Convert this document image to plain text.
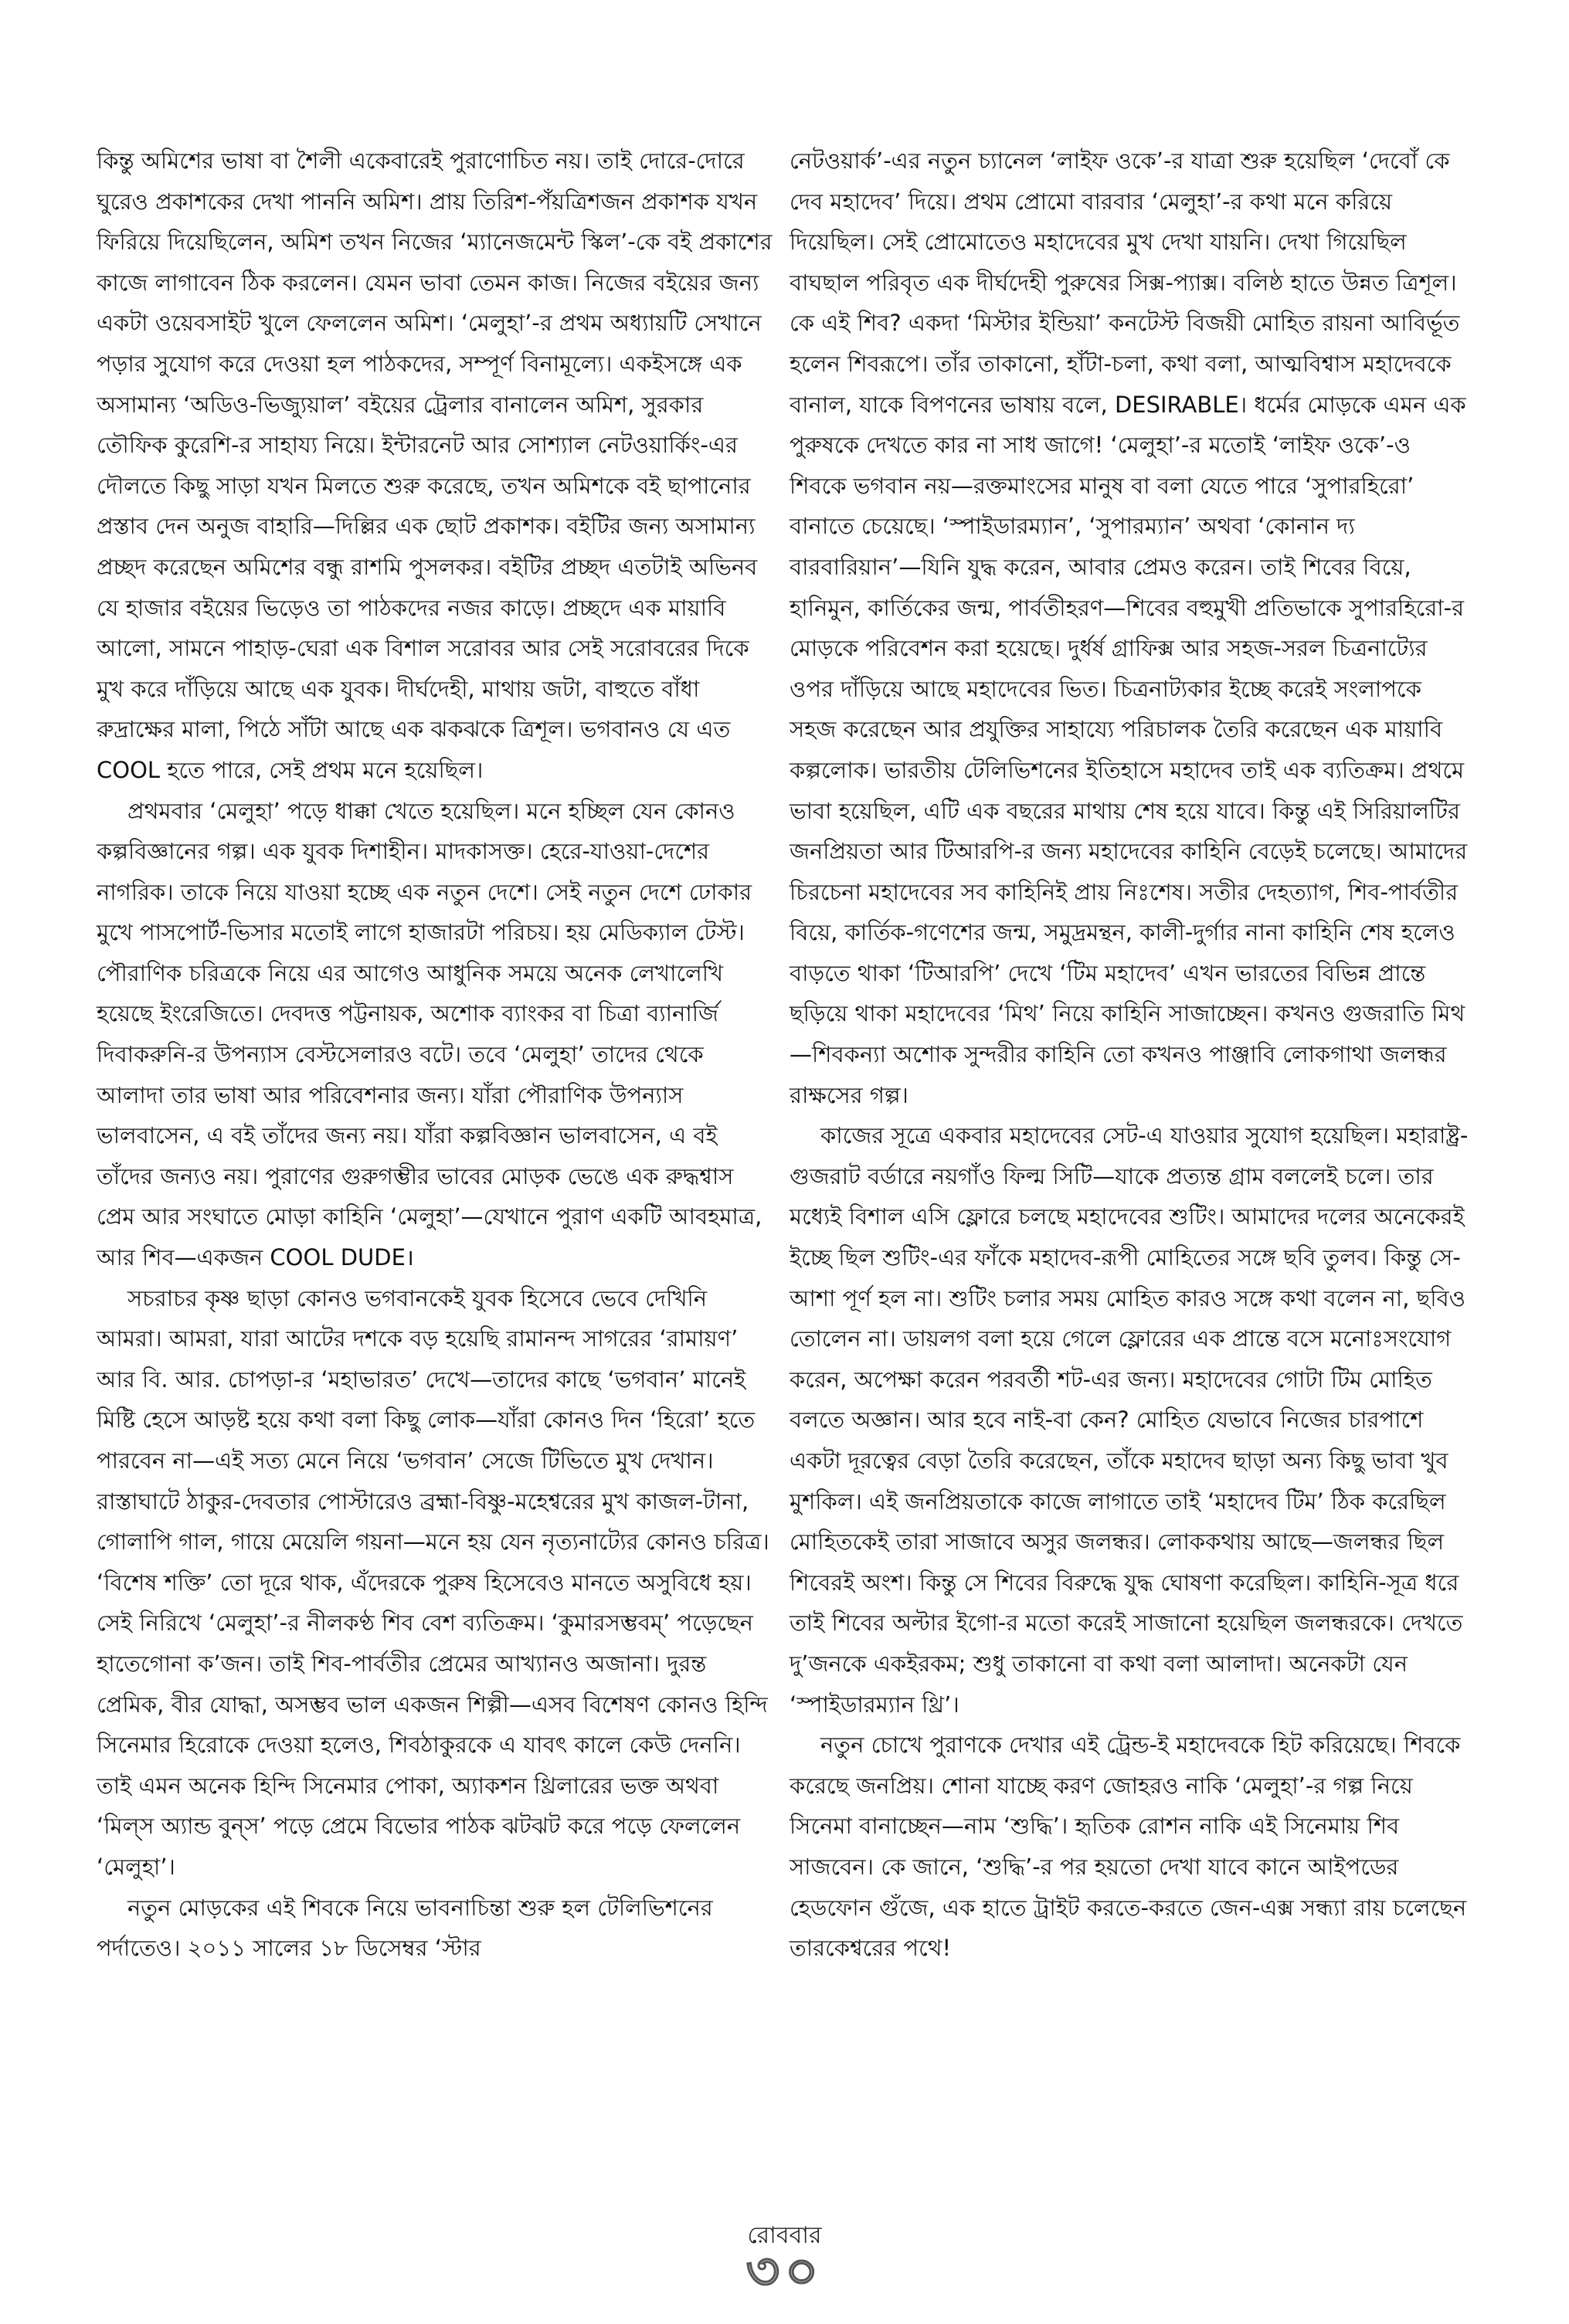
কিন্তু অমিশের ভাষা বা শৈলী একেবারেই পুরাণোচিত নয়। তাই দোরে-দোরে ঘুরেও প্রকাশকের দেখা পাননি অমিশ। প্রায় তিরিশ-পঁয়ত্রিশজন প্রকাশক যখন ফিরিয়ে দিয়েছিলেন, অমিশ তখন নিজের ‘ম্যানেজমেন্ট স্কিল’-কে বই প্রকাশের কাজে লাগাবেন ঠিক করলেন। যেমন ভাবা তেমন কাজ। নিজের বইয়ের জন্য একটা ওয়েবসাইট খুলে ফেললেন অমিশ। ‘মেলুহা’-র প্রথম অধ্যায়টি সেখানে পড়ার সুযোগ করে দেওয়া হল পাঠকদের, সম্পূর্ণ বিনামূল্যে। একইসঙ্গে এক অসামান্য ‘অডিও-ভিজ্যুয়াল’ বইয়ের ট্রেলার বানালেন অমিশ, সুরকার তৌফিক কুরেশি-র সাহায্য নিয়ে। ইন্টারনেট আর সোশ্যাল নেটওয়ার্কিং-এর দৌলতে কিছু সাড়া যখন মিলতে শুরু করেছে, তখন অমিশকে বই ছাপানোর প্রস্তাব দেন অনুজ বাহারি—দিল্লির এক ছোট প্রকাশক। বইটির জন্য অসামান্য প্রচ্ছদ করেছেন অমিশের বন্ধু রাশমি পুসলকর। বইটির প্রচ্ছদ এতটাই অভিনব যে হাজার বইয়ের ভিড়েও তা পাঠকদের নজর কাড়ে। প্রচ্ছদে এক মায়াবি আলো, সামনে পাহাড়-ঘেরা এক বিশাল সরোবর আর সেই সরোবরের দিকে মুখ করে দাঁড়িয়ে আছে এক যুবক। দীর্ঘদেহী, মাথায় জটা, বাহুতে বাঁধা রুদ্রাক্ষের মালা, পিঠে সাঁটা আছে এক ঝকঝকে ত্রিশূল। ভগবানও যে এত COOL হতে পারে, সেই প্রথম মনে হয়েছিল।

প্রথমবার ‘মেলুহা’ পড়ে ধাক্কা খেতে হয়েছিল। মনে হচ্ছিল যেন কোনও কল্পবিজ্ঞানের গল্প। এক যুবক দিশাহীন। মাদকাসক্ত। হেরে-যাওয়া-দেশের নাগরিক। তাকে নিয়ে যাওয়া হচ্ছে এক নতুন দেশে। সেই নতুন দেশে ঢোকার মুখে পাসপোর্ট-ভিসার মতোই লাগে হাজারটা পরিচয়। হয় মেডিক্যাল টেস্ট। পৌরাণিক চরিত্রকে নিয়ে এর আগেও আধুনিক সময়ে অনেক লেখালেখি হয়েছে ইংরেজিতে। দেবদত্ত পট্টনায়ক, অশোক ব্যাংকর বা চিত্রা ব্যানার্জি দিবাকরুনি-র উপন্যাস বেস্টসেলারও বটে। তবে ‘মেলুহা’ তাদের থেকে আলাদা তার ভাষা আর পরিবেশনার জন্য। যাঁরা পৌরাণিক উপন্যাস ভালবাসেন, এ বই তাঁদের জন্য নয়। যাঁরা কল্পবিজ্ঞান ভালবাসেন, এ বই তাঁদের জন্যও নয়। পুরাণের গুরুগম্ভীর ভাবের মোড়ক ভেঙে এক রুদ্ধশ্বাস প্রেম আর সংঘাতে মোড়া কাহিনি ‘মেলুহা’—যেখানে পুরাণ একটি আবহমাত্র, আর শিব—একজন COOL DUDE।

সচরাচর কৃষ্ণ ছাড়া কোনও ভগবানকেই যুবক হিসেবে ভেবে দেখিনি আমরা। আমরা, যারা আটের দশকে বড় হয়েছি রামানন্দ সাগরের ‘রামায়ণ’ আর বি. আর. চোপড়া-র ‘মহাভারত’ দেখে—তাদের কাছে ‘ভগবান’ মানেই মিষ্টি হেসে আড়ষ্ট হয়ে কথা বলা কিছু লোক—যাঁরা কোনও দিন ‘হিরো’ হতে পারবেন না—এই সত্য মেনে নিয়ে ‘ভগবান’ সেজে টিভিতে মুখ দেখান। রাস্তাঘাটে ঠাকুর-দেবতার পোস্টারেও ব্রহ্মা-বিষ্ণু-মহেশ্বরের মুখ কাজল-টানা, গোলাপি গাল, গায়ে মেয়েলি গয়না—মনে হয় যেন নৃত্যনাট্যের কোনও চরিত্র। ‘বিশেষ শক্তি’ তো দূরে থাক, এঁদেরকে পুরুষ হিসেবেও মানতে অসুবিধে হয়। সেই নিরিখে ‘মেলুহা’-র নীলকণ্ঠ শিব বেশ ব্যতিক্রম। ‘কুমারসম্ভবম্’ পড়েছেন হাতেগোনা ক’জন। তাই শিব-পার্বতীর প্রেমের আখ্যানও অজানা। দুরন্ত প্রেমিক, বীর যোদ্ধা, অসম্ভব ভাল একজন শিল্পী—এসব বিশেষণ কোনও হিন্দি সিনেমার হিরোকে দেওয়া হলেও, শিবঠাকুরকে এ যাবৎ কালে কেউ দেননি। তাই এমন অনেক হিন্দি সিনেমার পোকা, অ্যাকশন থ্রিলারের ভক্ত অথবা ‘মিল্‌স অ্যান্ড বুন্‌স’ পড়ে প্রেমে বিভোর পাঠক ঝটঝট করে পড়ে ফেললেন ‘মেলুহা’।

নতুন মোড়কের এই শিবকে নিয়ে ভাবনাচিন্তা শুরু হল টেলিভিশনের পর্দাতেও। ২০১১ সালের ১৮ ডিসেম্বর ‘স্টার

নেটওয়ার্ক’-এর নতুন চ্যানেল ‘লাইফ ওকে’-র যাত্রা শুরু হয়েছিল ‘দেবোঁ কে দেব মহাদেব’ দিয়ে। প্রথম প্রোমো বারবার ‘মেলুহা’-র কথা মনে করিয়ে দিয়েছিল। সেই প্রোমোতেও মহাদেবের মুখ দেখা যায়নি। দেখা গিয়েছিল বাঘছাল পরিবৃত এক দীর্ঘদেহী পুরুষের সিক্স-প্যাক্স। বলিষ্ঠ হাতে উন্নত ত্রিশূল। কে এই শিব? একদা ‘মিস্টার ইন্ডিয়া’ কনটেস্ট বিজয়ী মোহিত রায়না আবির্ভূত হলেন শিবরূপে। তাঁর তাকানো, হাঁটা-চলা, কথা বলা, আত্মবিশ্বাস মহাদেবকে বানাল, যাকে বিপণনের ভাষায় বলে, DESIRABLE। ধর্মের মোড়কে এমন এক পুরুষকে দেখতে কার না সাধ জাগে! ‘মেলুহা’-র মতোই ‘লাইফ ওকে’-ও শিবকে ভগবান নয়—রক্তমাংসের মানুষ বা বলা যেতে পারে ‘সুপারহিরো’ বানাতে চেয়েছে। ‘স্পাইডারম্যান’, ‘সুপারম্যান’ অথবা ‘কোনান দ্য বারবারিয়ান’—যিনি যুদ্ধ করেন, আবার প্রেমও করেন। তাই শিবের বিয়ে, হানিমুন, কার্তিকের জন্ম, পার্বতীহরণ—শিবের বহুমুখী প্রতিভাকে সুপারহিরো-র মোড়কে পরিবেশন করা হয়েছে। দুর্ধর্ষ গ্রাফিক্স আর সহজ-সরল চিত্রনাট্যের ওপর দাঁড়িয়ে আছে মহাদেবের ভিত। চিত্রনাট্যকার ইচ্ছে করেই সংলাপকে সহজ করেছেন আর প্রযুক্তির সাহায্যে পরিচালক তৈরি করেছেন এক মায়াবি কল্পলোক। ভারতীয় টেলিভিশনের ইতিহাসে মহাদেব তাই এক ব্যতিক্রম। প্রথমে ভাবা হয়েছিল, এটি এক বছরের মাথায় শেষ হয়ে যাবে। কিন্তু এই সিরিয়ালটির জনপ্রিয়তা আর টিআরপি-র জন্য মহাদেবের কাহিনি বেড়েই চলেছে। আমাদের চিরচেনা মহাদেবের সব কাহিনিই প্রায় নিঃশেষ। সতীর দেহত্যাগ, শিব-পার্বতীর বিয়ে, কার্তিক-গণেশের জন্ম, সমুদ্রমন্থন, কালী-দুর্গার নানা কাহিনি শেষ হলেও বাড়তে থাকা ‘টিআরপি’ দেখে ‘টিম মহাদেব’ এখন ভারতের বিভিন্ন প্রান্তে ছড়িয়ে থাকা মহাদেবের ‘মিথ’ নিয়ে কাহিনি সাজাচ্ছেন। কখনও গুজরাতি মিথ—শিবকন্যা অশোক সুন্দরীর কাহিনি তো কখনও পাঞ্জাবি লোকগাথা জলন্ধর রাক্ষসের গল্প।

কাজের সূত্রে একবার মহাদেবের সেট-এ যাওয়ার সুযোগ হয়েছিল। মহারাষ্ট্র-গুজরাট বর্ডারে নয়গাঁও ফিল্ম সিটি—যাকে প্রত্যন্ত গ্রাম বললেই চলে। তার মধ্যেই বিশাল এসি ফ্লোরে চলছে মহাদেবের শুটিং। আমাদের দলের অনেকেরই ইচ্ছে ছিল শুটিং-এর ফাঁকে মহাদেব-রূপী মোহিতের সঙ্গে ছবি তুলব। কিন্তু সে-আশা পূর্ণ হল না। শুটিং চলার সময় মোহিত কারও সঙ্গে কথা বলেন না, ছবিও তোলেন না। ডায়লগ বলা হয়ে গেলে ফ্লোরের এক প্রান্তে বসে মনোঃসংযোগ করেন, অপেক্ষা করেন পরবর্তী শট-এর জন্য। মহাদেবের গোটা টিম মোহিত বলতে অজ্ঞান। আর হবে নাই-বা কেন? মোহিত যেভাবে নিজের চারপাশে একটা দূরত্বের বেড়া তৈরি করেছেন, তাঁকে মহাদেব ছাড়া অন্য কিছু ভাবা খুব মুশকিল। এই জনপ্রিয়তাকে কাজে লাগাতে তাই ‘মহাদেব টিম’ ঠিক করেছিল মোহিতকেই তারা সাজাবে অসুর জলন্ধর। লোককথায় আছে—জলন্ধর ছিল শিবেরই অংশ। কিন্তু সে শিবের বিরুদ্ধে যুদ্ধ ঘোষণা করেছিল। কাহিনি-সূত্র ধরে তাই শিবের অল্টার ইগো-র মতো করেই সাজানো হয়েছিল জলন্ধরকে। দেখতে দু’জনকে একইরকম; শুধু তাকানো বা কথা বলা আলাদা। অনেকটা যেন ‘স্পাইডারম্যান থ্রি’।

নতুন চোখে পুরাণকে দেখার এই ট্রেন্ড-ই মহাদেবকে হিট করিয়েছে। শিবকে করেছে জনপ্রিয়। শোনা যাচ্ছে করণ জোহরও নাকি ‘মেলুহা’-র গল্প নিয়ে সিনেমা বানাচ্ছেন—নাম ‘শুদ্ধি’। হৃতিক রোশন নাকি এই সিনেমায় শিব সাজবেন। কে জানে, ‘শুদ্ধি’-র পর হয়তো দেখা যাবে কানে আইপডের হেডফোন গুঁজে, এক হাতে ট্রাইট করতে-করতে জেন-এক্স সন্ধ্যা রায় চলেছেন তারকেশ্বরের পথে!

রোববার
৩০
